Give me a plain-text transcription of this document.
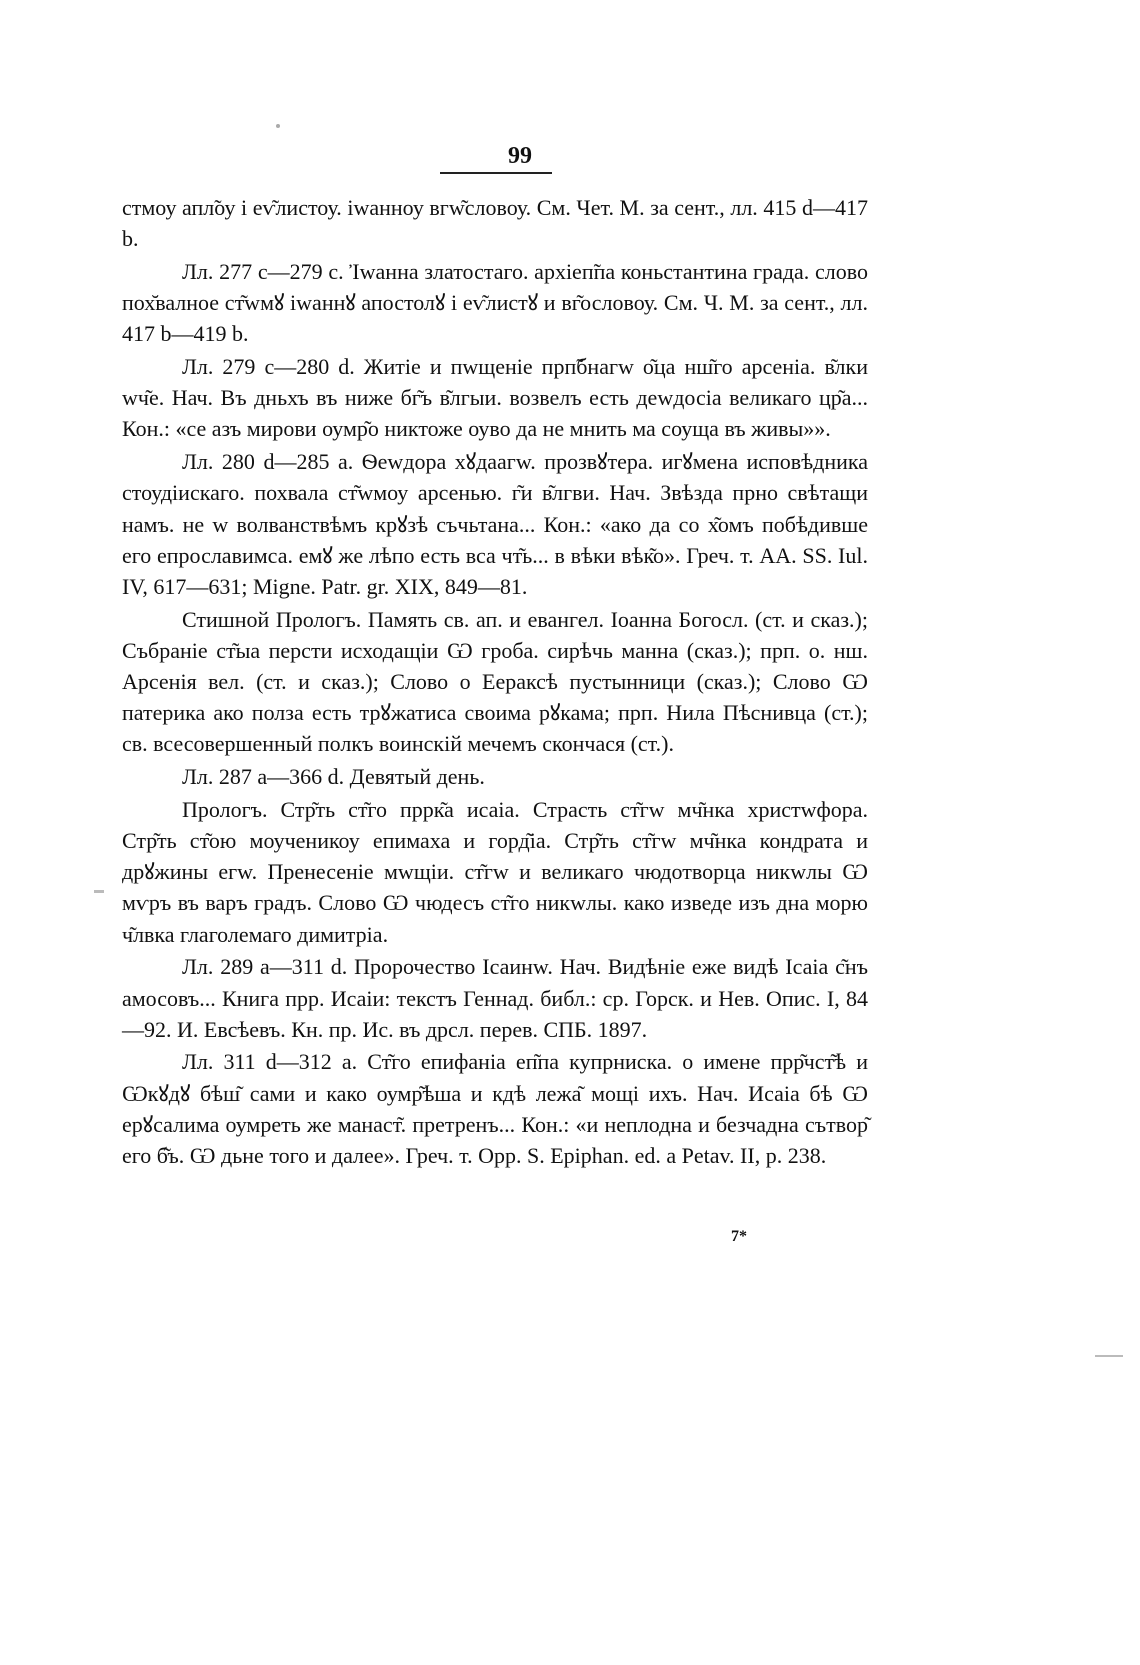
99

стмоу апл̃оу і еѵ͂листоу. іwанноу вгw͂словоу. См. Чет. М. за сент., лл. 415 d—417 b.

Лл. 277 с—279 с. Ἰwанна златостаго. архіеп̃па коньстантина града. слово пох̆валное ст͂wмꙋ іwаннꙋ апостолꙋ і еѵ͂листꙋ и вг͂ословоу. См. Ч. М. за сент., лл. 417 b—419 b.

Лл. 279 с—280 d. Житіе и пwщеніе прп̃бнагw о͂ца нш͂го арсеніа. в͂лки wч͂е. Нач. Въ дньхъ въ ниже бг͂ъ в͂лгыи. возвелъ есть деwдосіа великаго цр͂а... Кон.: «се азъ мирови оумр͂о никтоже оуво да не мнить ма соуща въ живы»».

Лл. 280 d—285 а. Ѳеwдора хꙋдаагw. прозвꙋтера. игꙋмена исповѣдника стоудіискаго. похвала ст͂wмоу арсенью. г͂и в͂лгви. Нач. Звѣзда прно свѣтащи намъ. не w волванствѣмъ крꙋзѣ съчьтана... Кон.: «ако да со х͂омъ побѣдивше его епрославимса. емꙋ же лѣпо есть вса чт͂ь... в вѣки вѣк͂о». Греч. т. АА. SS. Iul. IV, 617—631; Migne. Patr. gr. XIX, 849—81.

Стишной Прологъ. Память св. ап. и евангел. Іоанна Богосл. (ст. и сказ.); Събраніе ст͂ыа персти исходащіи Ѡ гроба. сирѣчь манна (сказ.); прп. о. нш. Арсенія вел. (ст. и сказ.); Слово о Еераксѣ пустынници (сказ.); Слово Ѡ патерика ако полза есть трꙋжатиса своима рꙋкама; прп. Нила Пѣснивца (ст.); св. всесовершенный полкъ воинскій мечемъ скончася (ст.).

Лл. 287 а—366 d. Девятый день.

Прологъ. Стр͂ть ст͂го пррк͂а исаіа. Страсть ст͂гw мч͂нка христwфора. Стр͂ть ст͂ою моученикоу епимаха и горд͂іа. Стр͂ть ст͂гw мч͂нка кондрата и дрꙋжины егw. Пренесеніе мwщіи. ст͂гw и великаго чюдотворца никwлы Ѡ мѵръ въ варъ градъ. Слово Ѡ чюдесъ ст͂го никwлы. како изведе изъ дна морю ч͂лвка глаголемаго димитріа.

Лл. 289 а—311 d. Пророчество Ісаинw. Нач. Видѣніе еже видѣ Ісаіа с͂нъ амосовъ... Книга прр. Исаіи: текстъ Геннад. библ.: ср. Горск. и Нев. Опис. I, 84—92. И. Евсѣевъ. Кн. пр. Ис. въ дрсл. перев. СПБ. 1897.

Лл. 311 d—312 а. Ст͂го епифаніа еп͂па купрниска. о имене прр͂чст͂ѣ и Ѡкꙋдꙋ бѣш͂ сами и како оумр͂ѣша и кдѣ лежа͂ мощі ихъ. Нач. Исаіа бѣ Ѡ ерꙋсалима оумреть же манаст͂. претренъ... Кон.: «и неплодна и безчадна сътвор͂ его б͂ъ. Ѡ дьне того и далеe». Греч. т. Opp. S. Epiphan. ed. a Petav. II, p. 238.

7*
